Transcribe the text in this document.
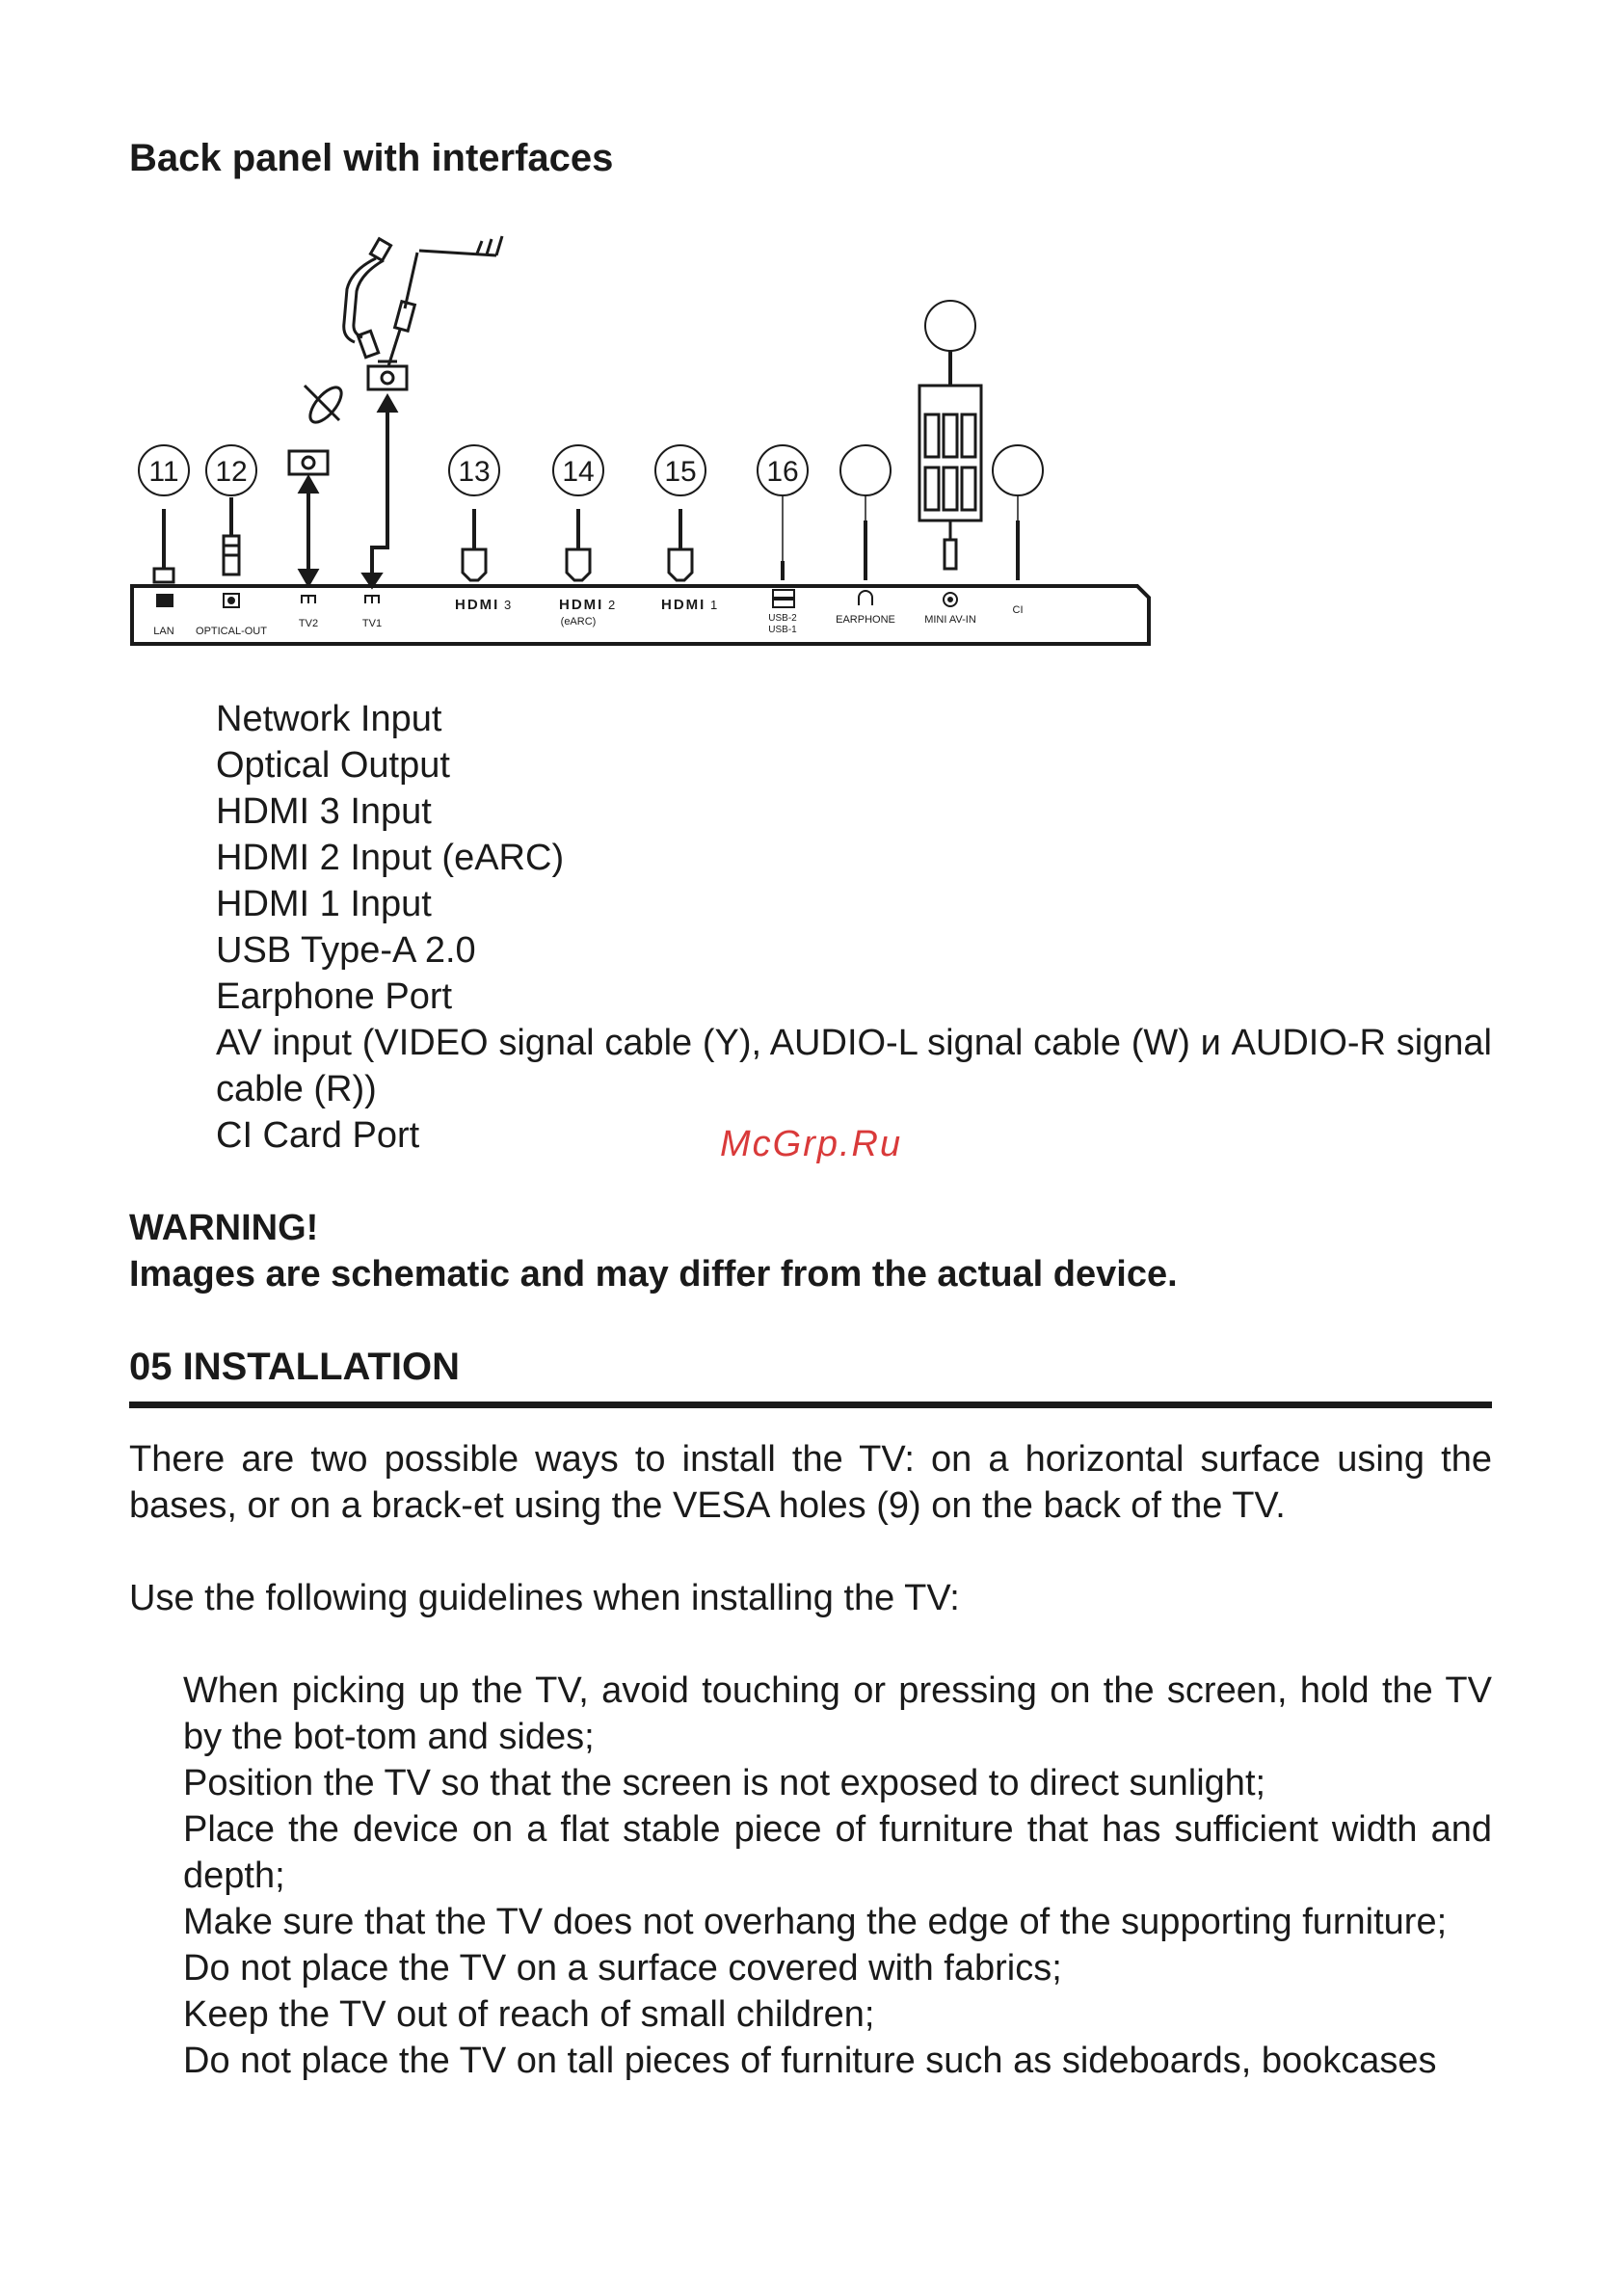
Back panel with interfaces
11 12	13 14 15 16
LAN OPTICAL-OUT
TV2	TV1
HDMI 3	HDMI 2
(eARC)
HDMI 1
USB-2
USB-1
EARPHONE	MINI AV-IN
CI
Network Input
Optical Output
HDMI 3 Input
HDMI 2 Input (eARC)
HDMI 1 Input
USB Type-A 2.0
Earphone Port
AV input (VIDEO signal cable (Y), AUDIO-L signal cable (W) и AUDIO-R signal cable (R))
CI Card Port	McGrp.Ru
WARNING!
Images are schematic and may differ from the actual device.
05 INSTALLATION

There are two possible ways to install the TV: on a horizontal surface using the bases, or on a brack-et using the VESA holes (9) on the back of the TV.

Use the following guidelines when installing the TV:

When picking up the TV, avoid touching or pressing on the screen, hold the TV by the bot-tom and sides;
Position the TV so that the screen is not exposed to direct sunlight;
Place the device on a flat stable piece of furniture that has sufficient width and depth;
Make sure that the TV does not overhang the edge of the supporting furniture;
Do not place the TV on a surface covered with fabrics;
Keep the TV out of reach of small children;
Do not place the TV on tall pieces of furniture such as sideboards, bookcases
